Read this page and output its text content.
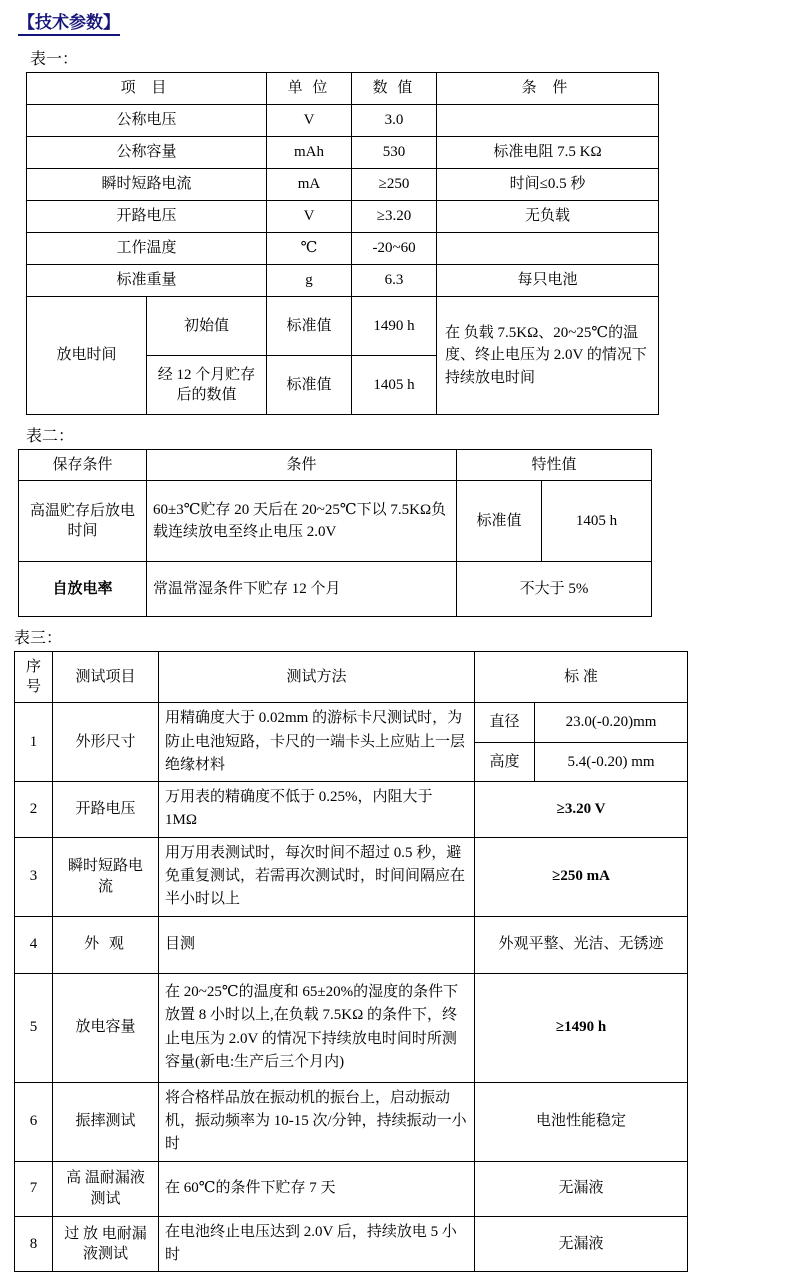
【技术参数】
表一：
项 目		单 位	数 值	条 件
公称电压		V	3.0	
公称容量		mAh	530	标准电阻 7.5 KΩ
瞬时短路电流		mA	≥250	时间≤0.5 秒
开路电压		V	≥3.20	无负载
工作温度		℃	-20~60	
标准重量		g	6.3	每只电池
放电时间	初始值	标准值	1490 h	在 负载 7.5KΩ、20~25℃的温度、终止电压为 2.0V 的情况下持续放电时间
	经 12 个月贮存后的数值	标准值	1405 h	
表二：
保存条件	条件	特性值	
高温贮存后放电时间	60±3℃贮存 20 天后在 20~25℃下以 7.5KΩ负载连续放电至终止电压 2.0V	标准值	1405 h
自放电率	常温常湿条件下贮存 12 个月	不大于 5%	
表三：
序号	测试项目	测试方法	标 准	
1	外形尺寸	用精确度大于 0.02mm 的游标卡尺测试时，为防止电池短路，卡尺的一端卡头上应贴上一层绝缘材料	直径	23.0(-0.20)mm
			高度	5.4(-0.20) mm
2	开路电压	万用表的精确度不低于 0.25%，内阻大于 1MΩ	≥3.20 V	
3	瞬时短路电 流	用万用表测试时，每次时间不超过 0.5 秒，避免重复测试，若需再次测试时，时间间隔应在半小时以上	≥250 mA	
4	外 观	目测	外观平整、光洁、无锈迹	
5	放电容量	在 20~25℃的温度和 65±20%的湿度的条件下放置 8 小时以上,在负载 7.5KΩ 的条件下，终止电压为 2.0V 的情况下持续放电时间时所测容量(新电:生产后三个月内)	≥1490 h	
6	振摔测试	将合格样品放在振动机的振台上，启动振动机，振动频率为 10-15 次/分钟，持续振动一小时	电池性能稳定	
7	高 温耐漏液测试	在 60℃的条件下贮存 7 天	无漏液	
8	过 放 电耐漏液测试	在电池终止电压达到 2.0V 后，持续放电 5 小时	无漏液	
